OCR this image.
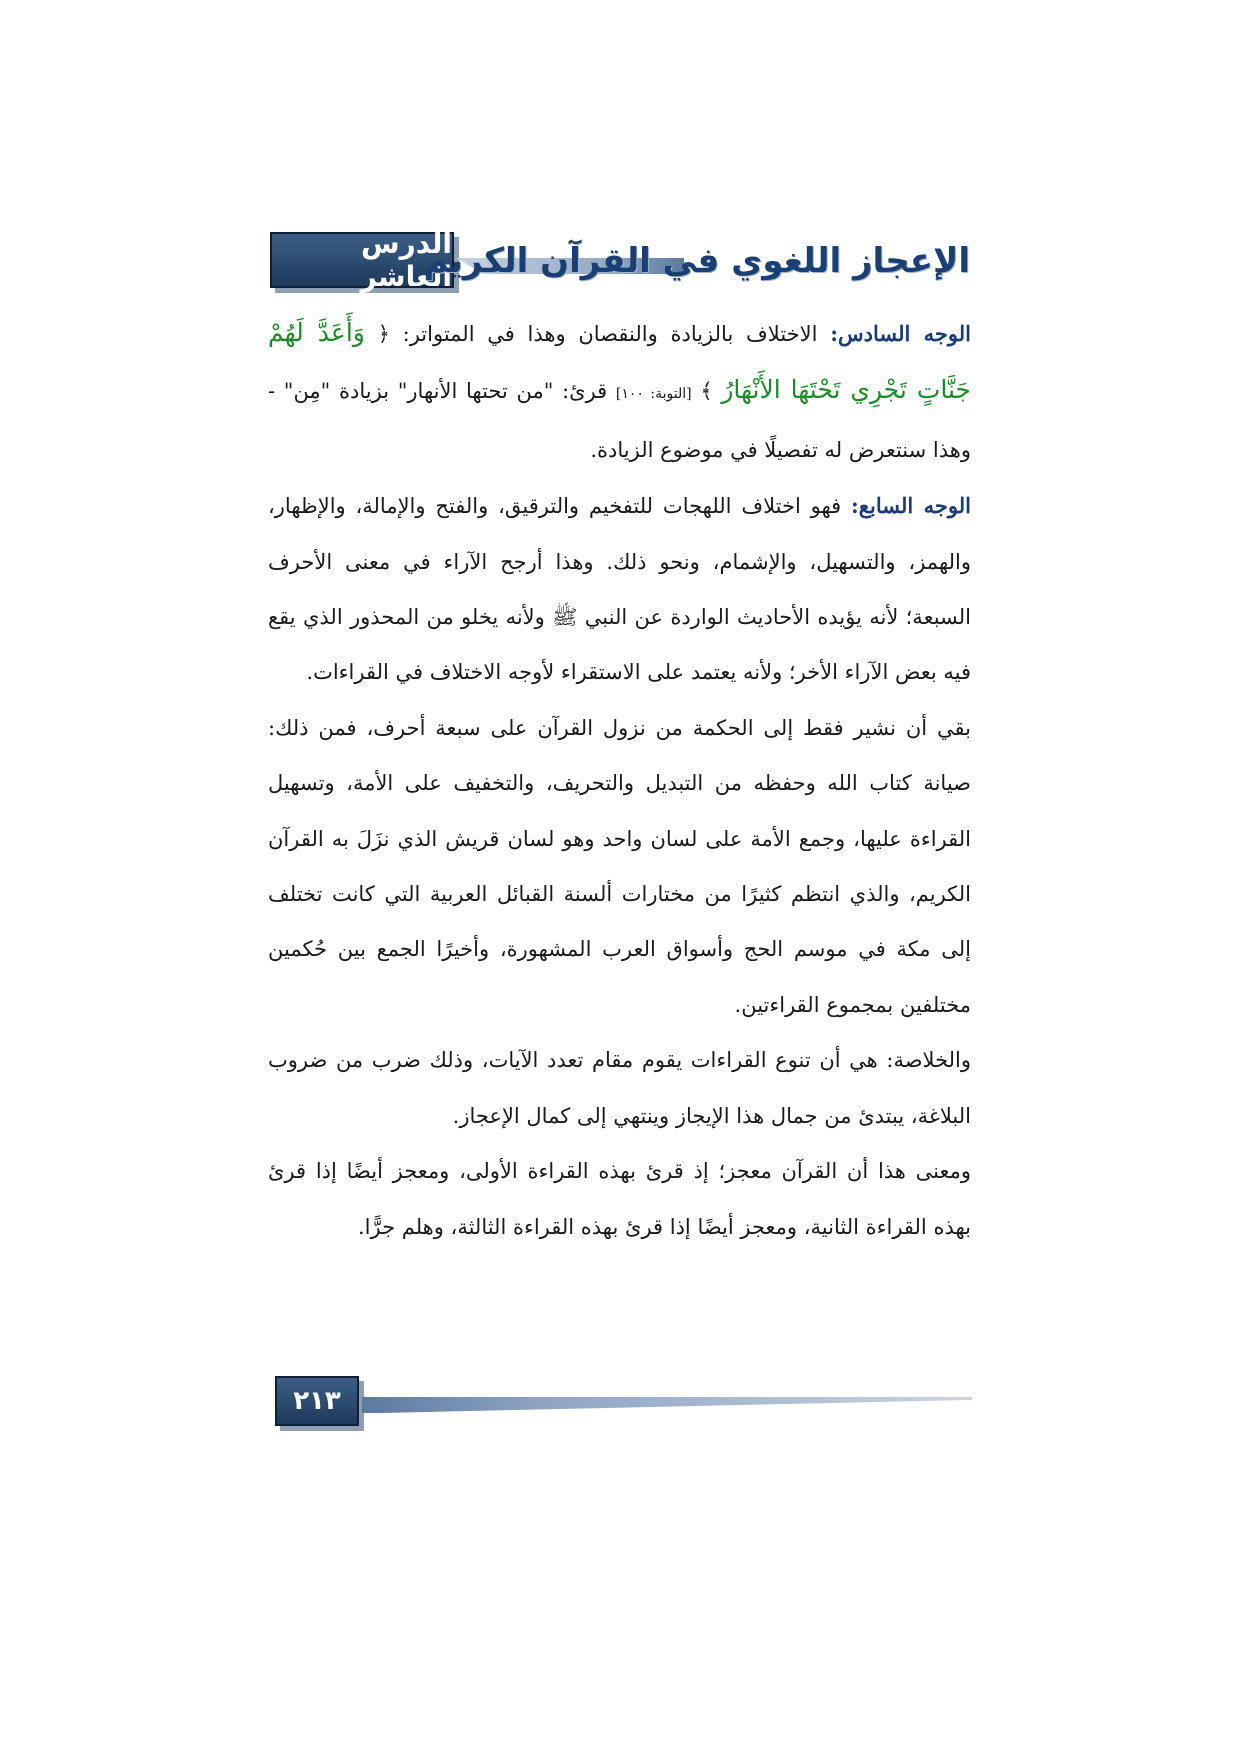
الدرس العاشر
الإعجاز اللغوي في القرآن الكريم

الوجه السادس: الاختلاف بالزيادة والنقصان وهذا في المتواتر: ﴿ وَأَعَدَّ لَهُمْ جَنَّاتٍ تَجْرِي تَحْتَهَا الأَنْهَارُ ﴾ [التوبة: ١٠٠] قرئ: "من تحتها الأنهار" بزيادة "مِن" - وهذا سنتعرض له تفصيلًا في موضوع الزيادة.

الوجه السابع: فهو اختلاف اللهجات للتفخيم والترقيق، والفتح والإمالة، والإظهار، والهمز، والتسهيل، والإشمام، ونحو ذلك. وهذا أرجح الآراء في معنى الأحرف السبعة؛ لأنه يؤيده الأحاديث الواردة عن النبي ﷺ ولأنه يخلو من المحذور الذي يقع فيه بعض الآراء الأخر؛ ولأنه يعتمد على الاستقراء لأوجه الاختلاف في القراءات.

بقي أن نشير فقط إلى الحكمة من نزول القرآن على سبعة أحرف، فمن ذلك: صيانة كتاب الله وحفظه من التبديل والتحريف، والتخفيف على الأمة، وتسهيل القراءة عليها، وجمع الأمة على لسان واحد وهو لسان قريش الذي نزَلَ به القرآن الكريم، والذي انتظم كثيرًا من مختارات ألسنة القبائل العربية التي كانت تختلف إلى مكة في موسم الحج وأسواق العرب المشهورة، وأخيرًا الجمع بين حُكمين مختلفين بمجموع القراءتين.

والخلاصة: هي أن تنوع القراءات يقوم مقام تعدد الآيات، وذلك ضرب من ضروب البلاغة، يبتدئ من جمال هذا الإيجاز وينتهي إلى كمال الإعجاز.

ومعنى هذا أن القرآن معجز؛ إذ قرئ بهذه القراءة الأولى، ومعجز أيضًا إذا قرئ بهذه القراءة الثانية، ومعجز أيضًا إذا قرئ بهذه القراءة الثالثة، وهلم جرًّا.

٢١٣
